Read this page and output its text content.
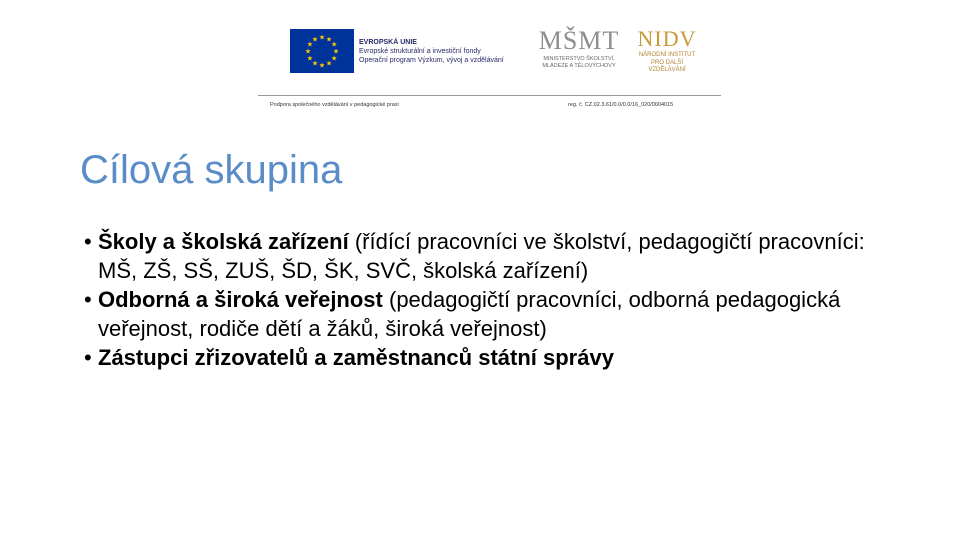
★
★
★
★
★
★
★
★
★ ★ ★
★	EVROPSKÁ UNIE
Evropské strukturální a investiční fondy
Operační program Výzkum, vývoj a vzdělávání
MŠMT
MINISTERSTVO ŠKOLSTVÍ,
MLÁDEŽE A TĚLOVÝCHOVY
NIDV
NÁRODNÍ INSTITUT
PRO DALŠÍ
VZDĚLÁVÁNÍ
Podpora společného vzdělávání v pedagogické praxi	reg. č. CZ.02.3.61/0.0/0.0/16_020/0004015
Cílová skupina
• Školy a školská zařízení (řídící pracovníci ve školství, pedagogičtí pracovníci: MŠ, ZŠ, SŠ, ZUŠ, ŠD, ŠK, SVČ, školská zařízení)
• Odborná a široká veřejnost (pedagogičtí pracovníci, odborná pedagogická veřejnost, rodiče dětí a žáků, široká veřejnost)
• Zástupci zřizovatelů a zaměstnanců státní správy
